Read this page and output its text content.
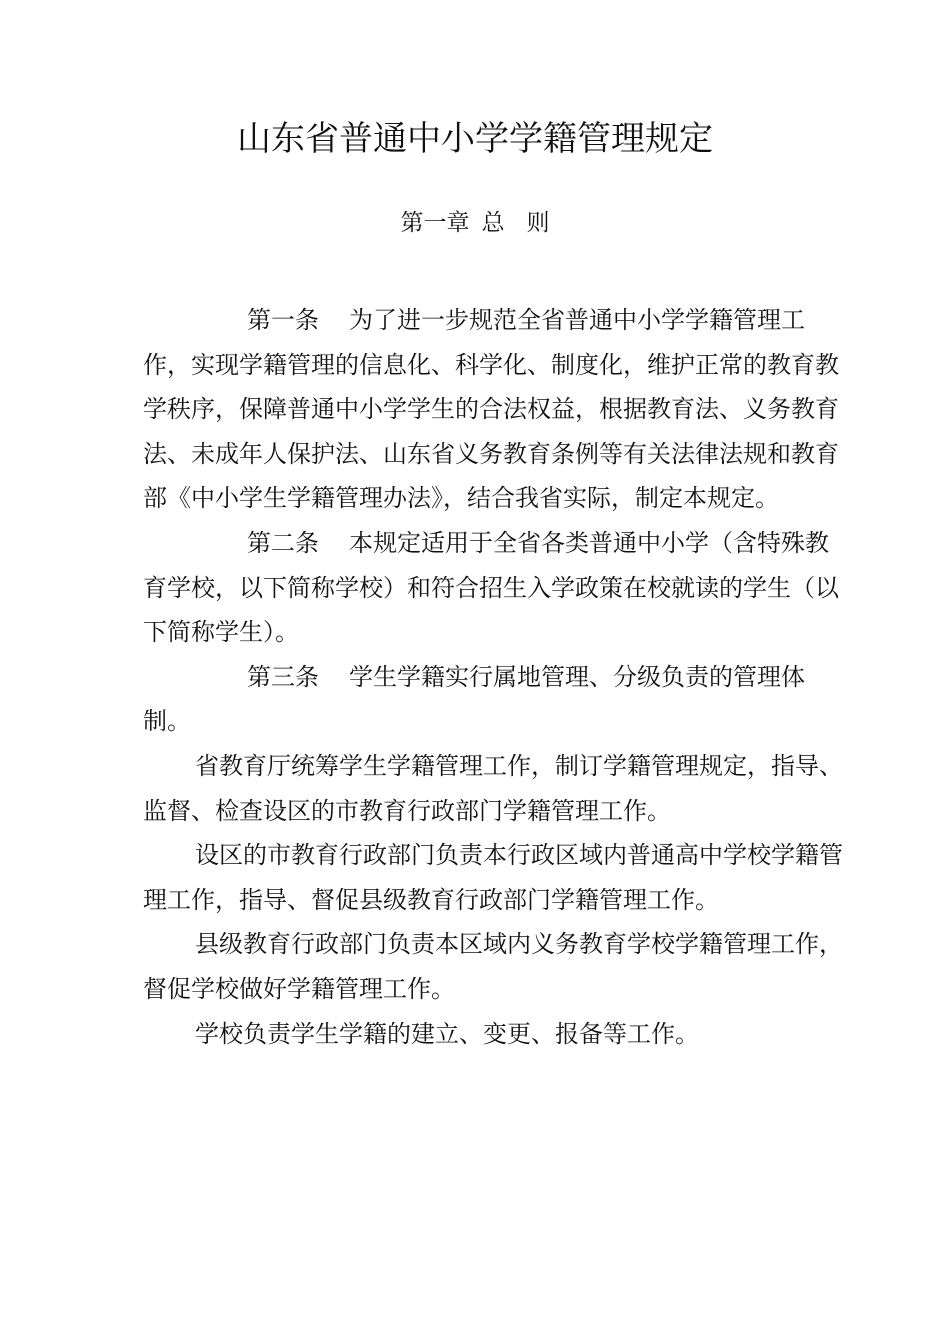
山东省普通中小学学籍管理规定
第一章 总 则

第一条 为了进一步规范全省普通中小学学籍管理工作，实现学籍管理的信息化、科学化、制度化，维护正常的教育教学秩序，保障普通中小学学生的合法权益，根据教育法、义务教育法、未成年人保护法、山东省义务教育条例等有关法律法规和教育部《中小学生学籍管理办法》，结合我省实际，制定本规定。

第二条 本规定适用于全省各类普通中小学（含特殊教育学校，以下简称学校）和符合招生入学政策在校就读的学生（以下简称学生）。

第三条 学生学籍实行属地管理、分级负责的管理体制。

省教育厅统筹学生学籍管理工作，制订学籍管理规定，指导、监督、检查设区的市教育行政部门学籍管理工作。

设区的市教育行政部门负责本行政区域内普通高中学校学籍管理工作，指导、督促县级教育行政部门学籍管理工作。

县级教育行政部门负责本区域内义务教育学校学籍管理工作，督促学校做好学籍管理工作。

学校负责学生学籍的建立、变更、报备等工作。
